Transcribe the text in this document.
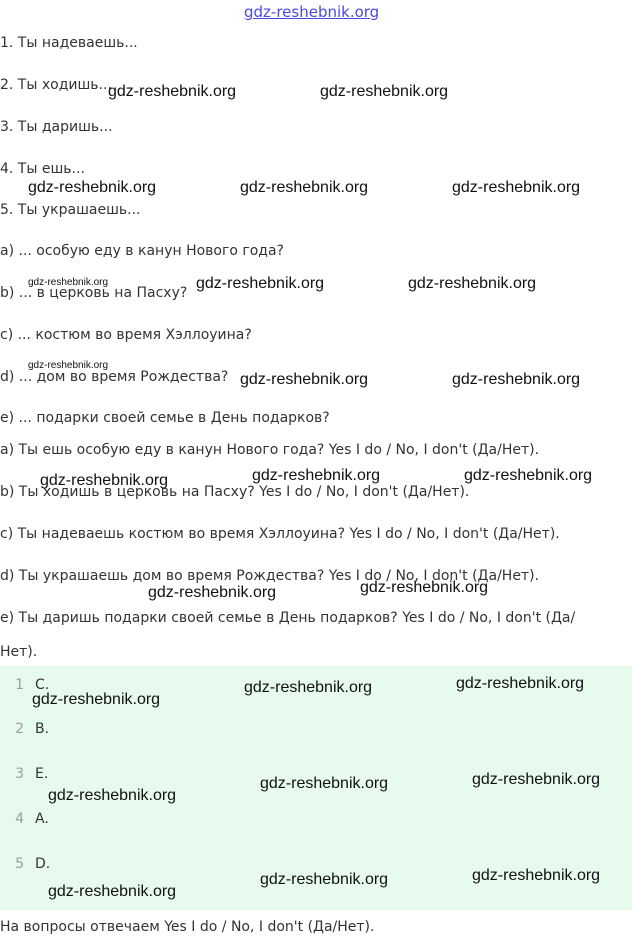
gdz-reshebnik.org

1. Ты надеваешь...

2. Ты ходишь...

3. Ты даришь...

4. Ты ешь...

5. Ты украшаешь...

а) ... особую еду в канун Нового года?

b) ... в церковь на Пасху?

c) ... костюм во время Хэллоуина?

d) ... дом во время Рождества?

e) ... подарки своей семье в День подарков?

а) Ты ешь особую еду в канун Нового года? Yes I do / No, I don't (Да/Нет).

b) Ты ходишь в церковь на Пасху? Yes I do / No, I don't (Да/Нет).

c) Ты надеваешь костюм во время Хэллоуина? Yes I do / No, I don't (Да/Нет).

d) Ты украшаешь дом во время Рождества? Yes I do / No, I don't (Да/Нет).

e) Ты даришь подарки своей семье в День подарков? Yes I do / No, I don't (Да/

Нет).

1 C.
2 B.
3 E.
4 A.
5 D.

На вопросы отвечаем Yes I do / No, I don't (Да/Нет).

gdz-reshebnik.org	gdz-reshebnik.org
gdz-reshebnik.org	gdz-reshebnik.org	gdz-reshebnik.org
gdz-reshebnik.org	gdz-reshebnik.org	gdz-reshebnik.org
gdz-reshebnik.org
gdz-reshebnik.org	gdz-reshebnik.org
gdz-reshebnik.org	gdz-reshebnik.org	gdz-reshebnik.org
gdz-reshebnik.org	gdz-reshebnik.org
gdz-reshebnik.org
gdz-reshebnik.org	gdz-reshebnik.org
gdz-reshebnik.org
gdz-reshebnik.org	gdz-reshebnik.org
gdz-reshebnik.org
gdz-reshebnik.org	gdz-reshebnik.org
